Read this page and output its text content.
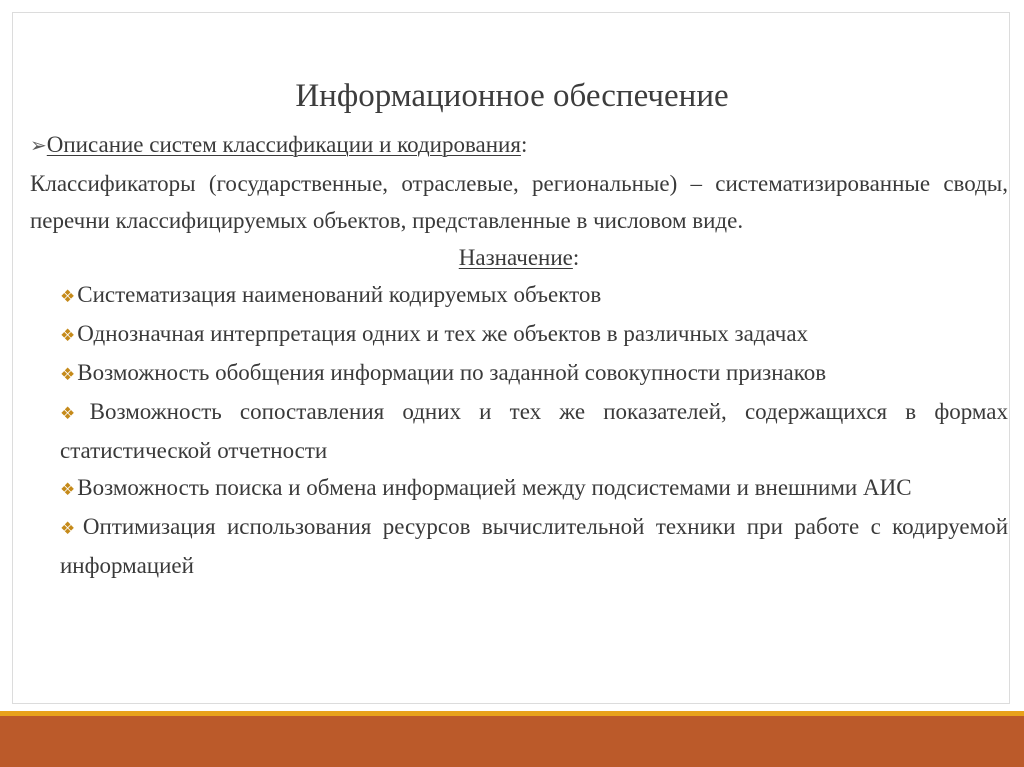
Информационное обеспечение

➢Описание систем классификации и кодирования:

Классификаторы (государственные, отраслевые, региональные) – систематизированные своды, перечни классифицируемых объектов, представленные в числовом виде.

Назначение:

❖Систематизация наименований кодируемых объектов
❖Однозначная интерпретация одних и тех же объектов в различных задачах
❖Возможность обобщения информации по заданной совокупности признаков
❖Возможность сопоставления одних и тех же показателей, содержащихся в формах статистической отчетности
❖Возможность поиска и обмена информацией между подсистемами и внешними АИС
❖Оптимизация использования ресурсов вычислительной техники при работе с кодируемой информацией
